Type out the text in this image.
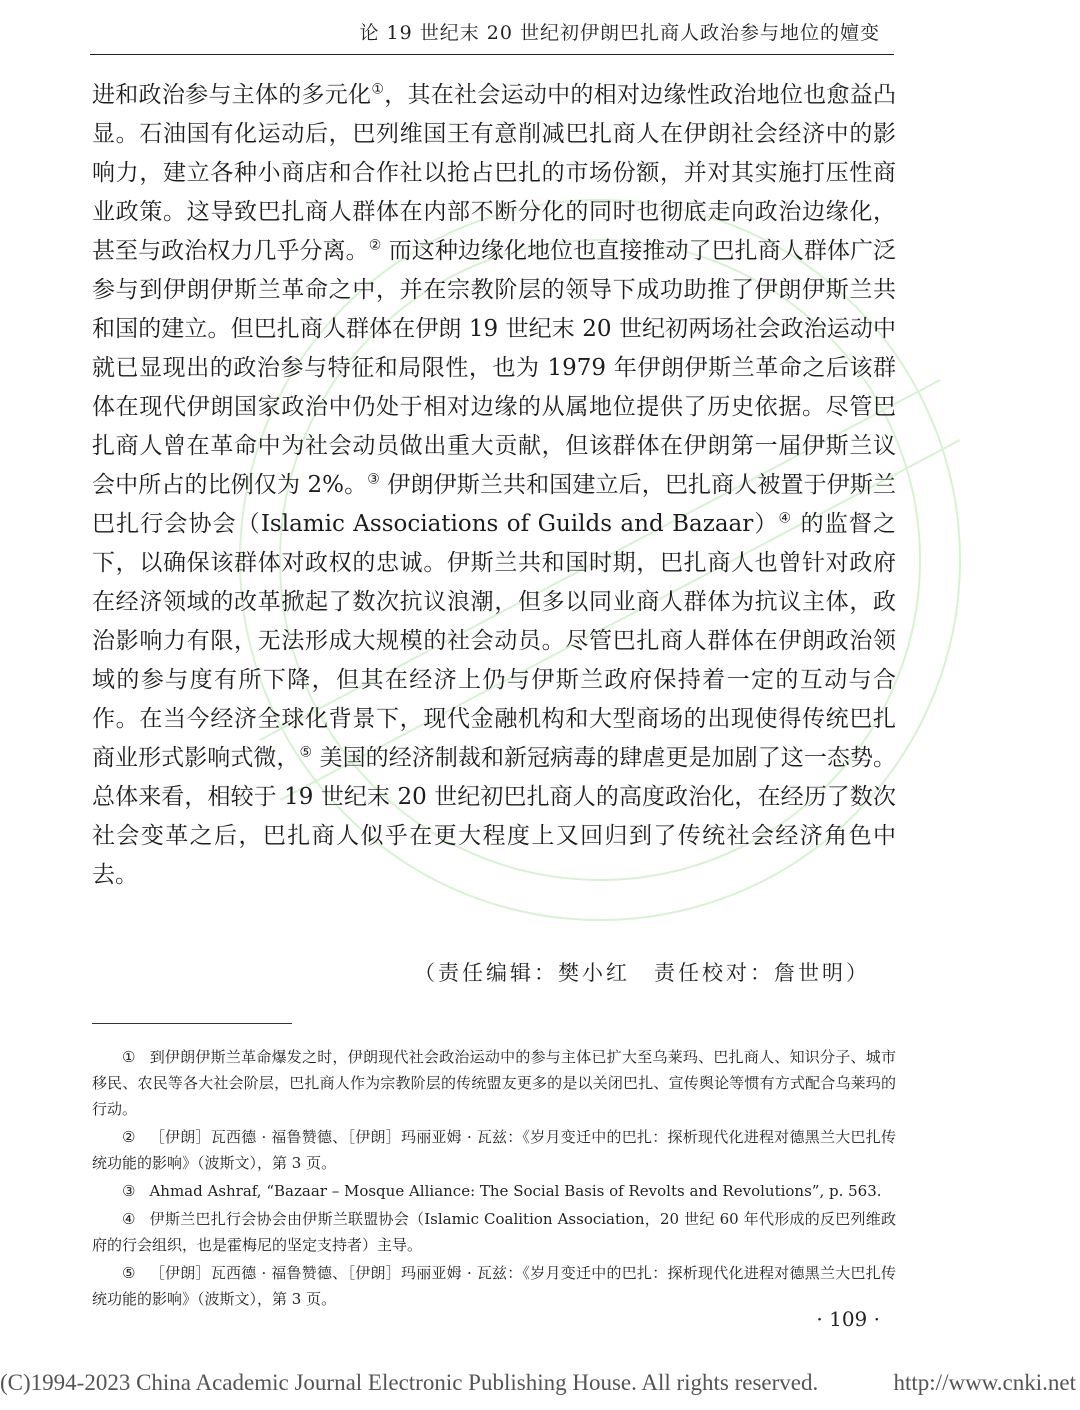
论 19 世纪末 20 世纪初伊朗巴扎商人政治参与地位的嬗变

进和政治参与主体的多元化①，其在社会运动中的相对边缘性政治地位也愈益凸显。石油国有化运动后，巴列维国王有意削减巴扎商人在伊朗社会经济中的影响力，建立各种小商店和合作社以抢占巴扎的市场份额，并对其实施打压性商业政策。这导致巴扎商人群体在内部不断分化的同时也彻底走向政治边缘化，甚至与政治权力几乎分离。② 而这种边缘化地位也直接推动了巴扎商人群体广泛参与到伊朗伊斯兰革命之中，并在宗教阶层的领导下成功助推了伊朗伊斯兰共和国的建立。但巴扎商人群体在伊朗 19 世纪末 20 世纪初两场社会政治运动中就已显现出的政治参与特征和局限性，也为 1979 年伊朗伊斯兰革命之后该群体在现代伊朗国家政治中仍处于相对边缘的从属地位提供了历史依据。尽管巴扎商人曾在革命中为社会动员做出重大贡献，但该群体在伊朗第一届伊斯兰议会中所占的比例仅为 2%。③ 伊朗伊斯兰共和国建立后，巴扎商人被置于伊斯兰巴扎行会协会（Islamic Associations of Guilds and Bazaar）④ 的监督之下，以确保该群体对政权的忠诚。伊斯兰共和国时期，巴扎商人也曾针对政府在经济领域的改革掀起了数次抗议浪潮，但多以同业商人群体为抗议主体，政治影响力有限，无法形成大规模的社会动员。尽管巴扎商人群体在伊朗政治领域的参与度有所下降，但其在经济上仍与伊斯兰政府保持着一定的互动与合作。在当今经济全球化背景下，现代金融机构和大型商场的出现使得传统巴扎商业形式影响式微，⑤ 美国的经济制裁和新冠病毒的肆虐更是加剧了这一态势。总体来看，相较于 19 世纪末 20 世纪初巴扎商人的高度政治化，在经历了数次社会变革之后，巴扎商人似乎在更大程度上又回归到了传统社会经济角色中去。

（责任编辑：樊小红　责任校对：詹世明）

① 到伊朗伊斯兰革命爆发之时，伊朗现代社会政治运动中的参与主体已扩大至乌莱玛、巴扎商人、知识分子、城市移民、农民等各大社会阶层，巴扎商人作为宗教阶层的传统盟友更多的是以关闭巴扎、宣传舆论等惯有方式配合乌莱玛的行动。

② ［伊朗］瓦西德 · 福鲁赞德、［伊朗］玛丽亚姆 · 瓦兹：《岁月变迁中的巴扎：探析现代化进程对德黑兰大巴扎传统功能的影响》（波斯文），第 3 页。

③ Ahmad Ashraf, “Bazaar – Mosque Alliance: The Social Basis of Revolts and Revolutions”, p. 563.

④ 伊斯兰巴扎行会协会由伊斯兰联盟协会（Islamic Coalition Association，20 世纪 60 年代形成的反巴列维政府的行会组织，也是霍梅尼的坚定支持者）主导。

⑤ ［伊朗］瓦西德 · 福鲁赞德、［伊朗］玛丽亚姆 · 瓦兹：《岁月变迁中的巴扎：探析现代化进程对德黑兰大巴扎传统功能的影响》（波斯文），第 3 页。

· 109 ·
(C)1994-2023 China Academic Journal Electronic Publishing House. All rights reserved.	http://www.cnki.net
